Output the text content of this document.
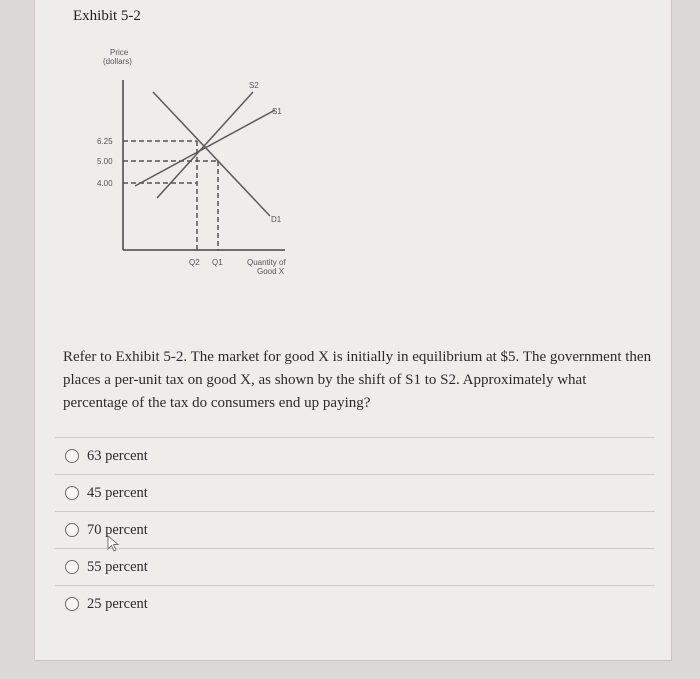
Exhibit 5-2
Price
(dollars)
6.25
5.00
4.00
S2
S1
D1
Q2 Q1	Quantity of
Good X
Refer to Exhibit 5-2. The market for good X is initially in equilibrium at $5. The government then places a per-unit tax on good X, as shown by the shift of S1 to S2. Approximately what percentage of the tax do consumers end up paying?
63 percent
45 percent
70 percent
55 percent
25 percent
